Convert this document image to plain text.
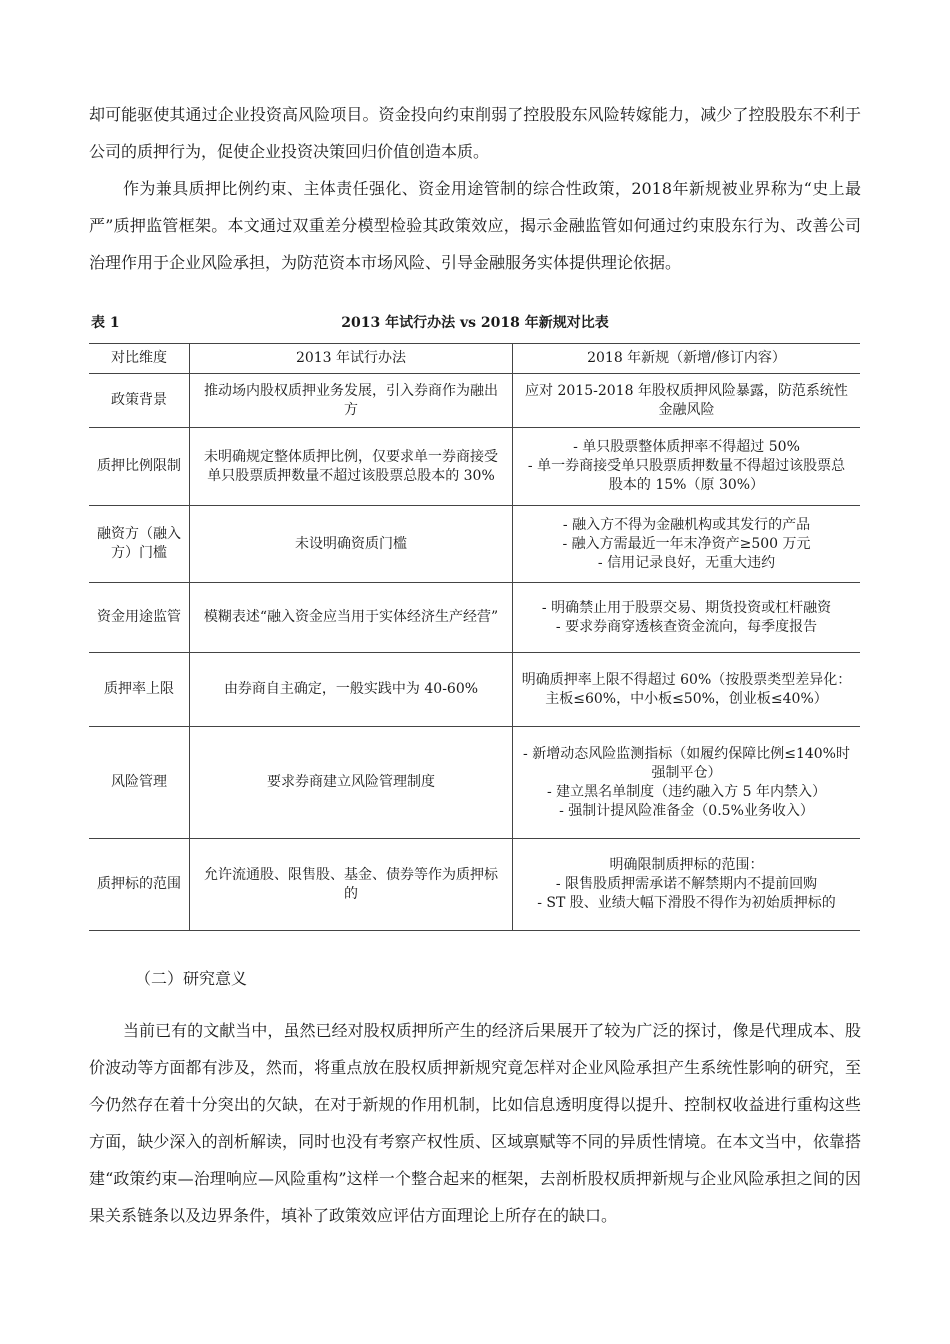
却可能驱使其通过企业投资高风险项目。资金投向约束削弱了控股股东风险转嫁能力，减少了控股股东不利于公司的质押行为，促使企业投资决策回归价值创造本质。

作为兼具质押比例约束、主体责任强化、资金用途管制的综合性政策，2018年新规被业界称为“史上最严”质押监管框架。本文通过双重差分模型检验其政策效应，揭示金融监管如何通过约束股东行为、改善公司治理作用于企业风险承担，为防范资本市场风险、引导金融服务实体提供理论依据。

表 1	2013 年试行办法 vs 2018 年新规对比表
对比维度	2013 年试行办法	2018 年新规（新增/修订内容）
政策背景	推动场内股权质押业务发展，引入券商作为融出方	应对 2015-2018 年股权质押风险暴露，防范系统性金融风险

质押比例限制	未明确规定整体质押比例，仅要求单一券商接受单只股票质押数量不超过该股票总股本的 30%	- 单只股票整体质押率不得超过 50%
- 单一券商接受单只股票质押数量不得超过该股票总股本的 15%（原 30%）

融资方（融入方）门槛	未设明确资质门槛	- 融入方不得为金融机构或其发行的产品
- 融入方需最近一年末净资产≥500 万元
- 信用记录良好，无重大违约

资金用途监管	模糊表述“融入资金应当用于实体经济生产经营”	- 明确禁止用于股票交易、期货投资或杠杆融资
- 要求券商穿透核查资金流向，每季度报告

质押率上限	由券商自主确定，一般实践中为 40-60%	明确质押率上限不得超过 60%（按股票类型差异化：主板≤60%，中小板≤50%，创业板≤40%）

风险管理	要求券商建立风险管理制度	- 新增动态风险监测指标（如履约保障比例≤140%时强制平仓）
- 建立黑名单制度（违约融入方 5 年内禁入）
- 强制计提风险准备金（0.5%业务收入）

质押标的范围	允许流通股、限售股、基金、债券等作为质押标的	明确限制质押标的范围：
- 限售股质押需承诺不解禁期内不提前回购
- ST 股、业绩大幅下滑股不得作为初始质押标的
（二）研究意义

当前已有的文献当中，虽然已经对股权质押所产生的经济后果展开了较为广泛的探讨，像是代理成本、股价波动等方面都有涉及，然而，将重点放在股权质押新规究竟怎样对企业风险承担产生系统性影响的研究，至今仍然存在着十分突出的欠缺，在对于新规的作用机制，比如信息透明度得以提升、控制权收益进行重构这些方面，缺少深入的剖析解读，同时也没有考察产权性质、区域禀赋等不同的异质性情境。在本文当中，依靠搭建“政策约束—治理响应—风险重构”这样一个整合起来的框架，去剖析股权质押新规与企业风险承担之间的因果关系链条以及边界条件，填补了政策效应评估方面理论上所存在的缺口。
